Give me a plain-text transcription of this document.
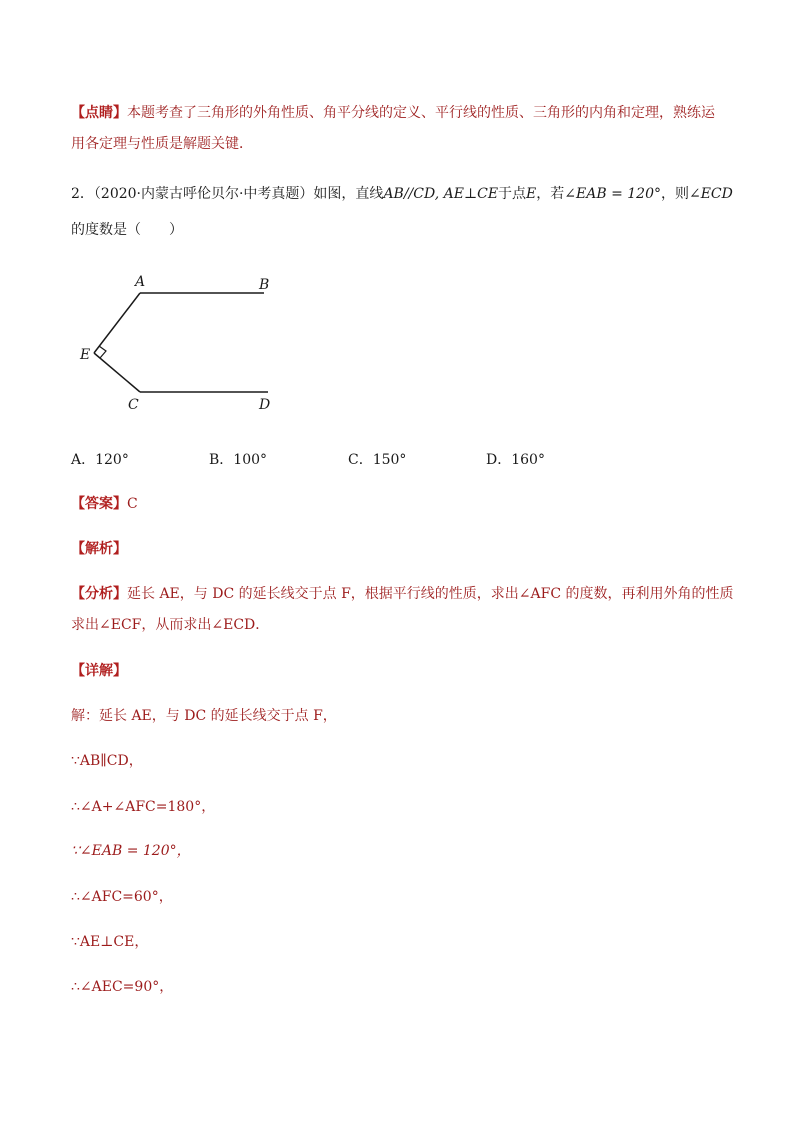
【点睛】本题考查了三角形的外角性质、角平分线的定义、平行线的性质、三角形的内角和定理，熟练运
用各定理与性质是解题关键．
2．（2020·内蒙古呼伦贝尔·中考真题）如图，直线AB//CD, AE⊥CE于点E，若∠EAB = 120°，则∠ECD
的度数是（　　）
A	B
E
C	D
A．120°	B．100°	C．150°	D．160°
【答案】C
【解析】
【分析】延长 AE，与 DC 的延长线交于点 F，根据平行线的性质，求出∠AFC 的度数，再利用外角的性质
求出∠ECF，从而求出∠ECD．
【详解】
解：延长 AE，与 DC 的延长线交于点 F，
∵AB∥CD，
∴∠A+∠AFC=180°，
∵∠EAB = 120°，
∴∠AFC=60°，
∵AE⊥CE，
∴∠AEC=90°，
